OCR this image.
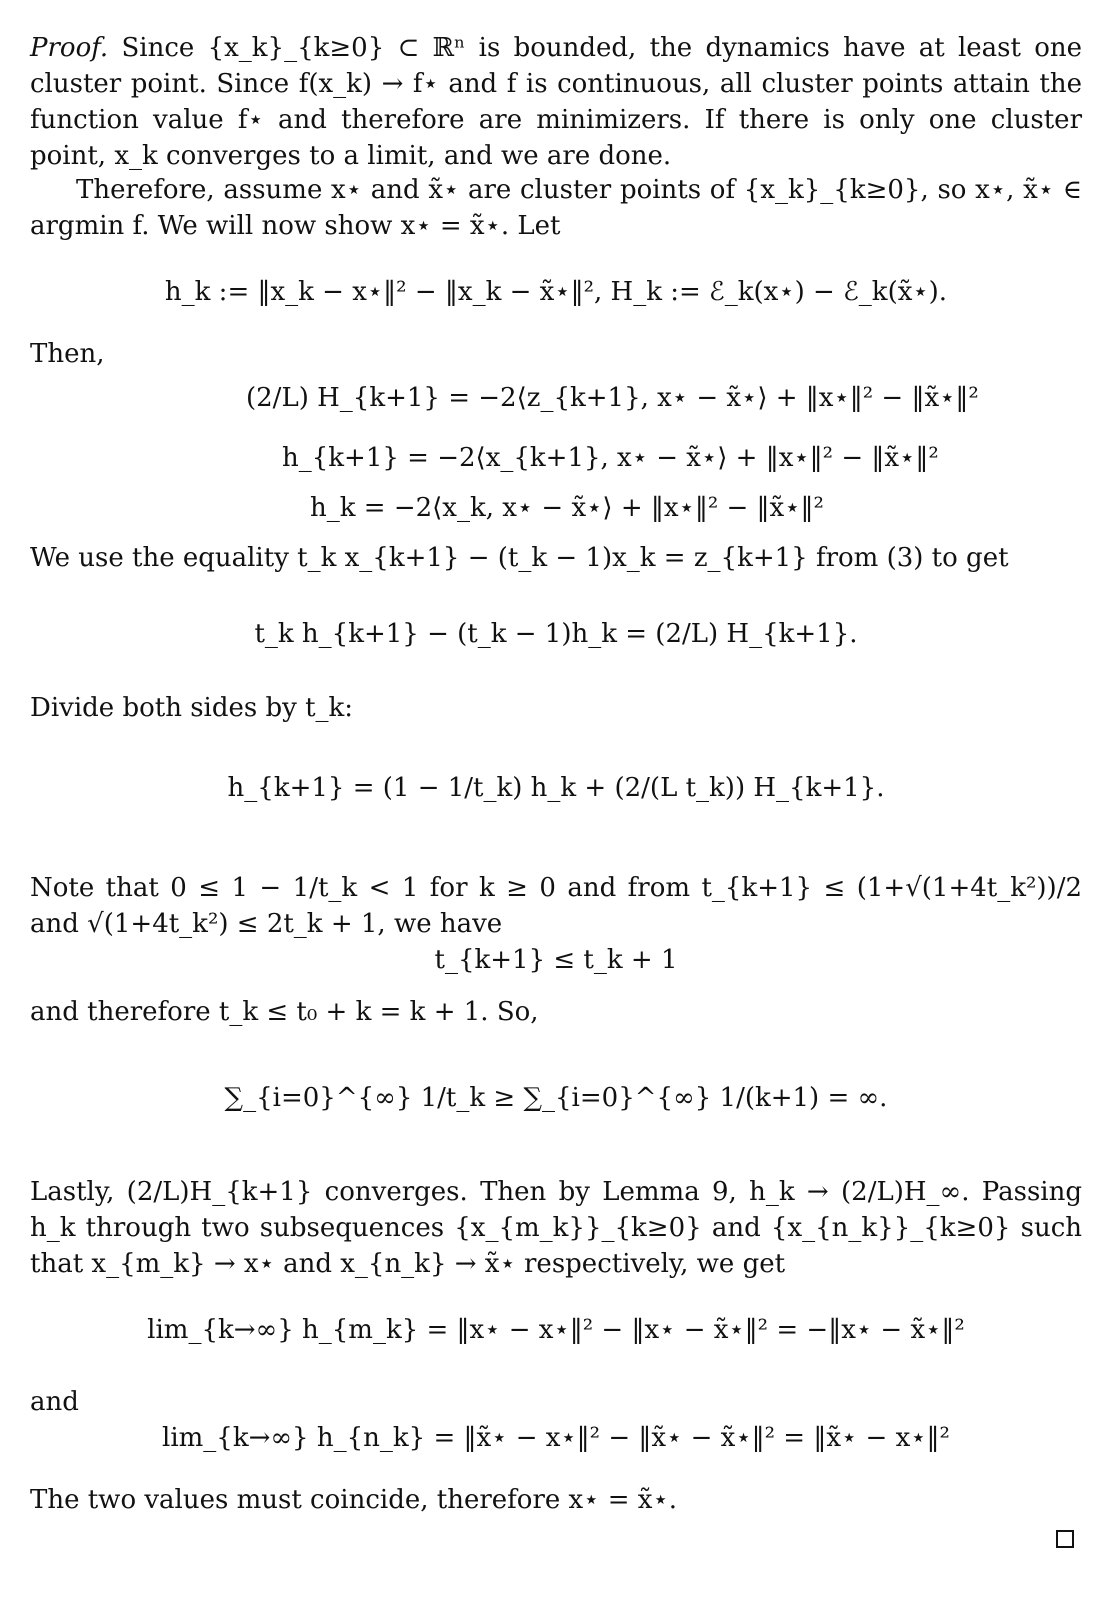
Proof. Since {x_k}_{k≥0} ⊂ ℝⁿ is bounded, the dynamics have at least one cluster point. Since f(x_k) → f⋆ and f is continuous, all cluster points attain the function value f⋆ and therefore are minimizers. If there is only one cluster point, x_k converges to a limit, and we are done.
Therefore, assume x⋆ and x̃⋆ are cluster points of {x_k}_{k≥0}, so x⋆, x̃⋆ ∈ argmin f. We will now show x⋆ = x̃⋆. Let
h_k := ‖x_k − x⋆‖² − ‖x_k − x̃⋆‖², H_k := ℰ_k(x⋆) − ℰ_k(x̃⋆).
Then,
(2/L) H_{k+1} = −2⟨z_{k+1}, x⋆ − x̃⋆⟩ + ‖x⋆‖² − ‖x̃⋆‖²
h_{k+1} = −2⟨x_{k+1}, x⋆ − x̃⋆⟩ + ‖x⋆‖² − ‖x̃⋆‖²
h_k = −2⟨x_k, x⋆ − x̃⋆⟩ + ‖x⋆‖² − ‖x̃⋆‖²
We use the equality t_k x_{k+1} − (t_k − 1)x_k = z_{k+1} from (3) to get
t_k h_{k+1} − (t_k − 1)h_k = (2/L) H_{k+1}.
Divide both sides by t_k:
h_{k+1} = (1 − 1/t_k) h_k + (2/(L t_k)) H_{k+1}.
Note that 0 ≤ 1 − 1/t_k < 1 for k ≥ 0 and from t_{k+1} ≤ (1+√(1+4t_k²))/2 and √(1+4t_k²) ≤ 2t_k + 1, we have
t_{k+1} ≤ t_k + 1
and therefore t_k ≤ t₀ + k = k + 1. So,
∑_{i=0}^{∞} 1/t_k ≥ ∑_{i=0}^{∞} 1/(k+1) = ∞.
Lastly, (2/L)H_{k+1} converges. Then by Lemma 9, h_k → (2/L)H_∞. Passing h_k through two subsequences {x_{m_k}}_{k≥0} and {x_{n_k}}_{k≥0} such that x_{m_k} → x⋆ and x_{n_k} → x̃⋆ respectively, we get
lim_{k→∞} h_{m_k} = ‖x⋆ − x⋆‖² − ‖x⋆ − x̃⋆‖² = −‖x⋆ − x̃⋆‖²
and
lim_{k→∞} h_{n_k} = ‖x̃⋆ − x⋆‖² − ‖x̃⋆ − x̃⋆‖² = ‖x̃⋆ − x⋆‖²
The two values must coincide, therefore x⋆ = x̃⋆.
